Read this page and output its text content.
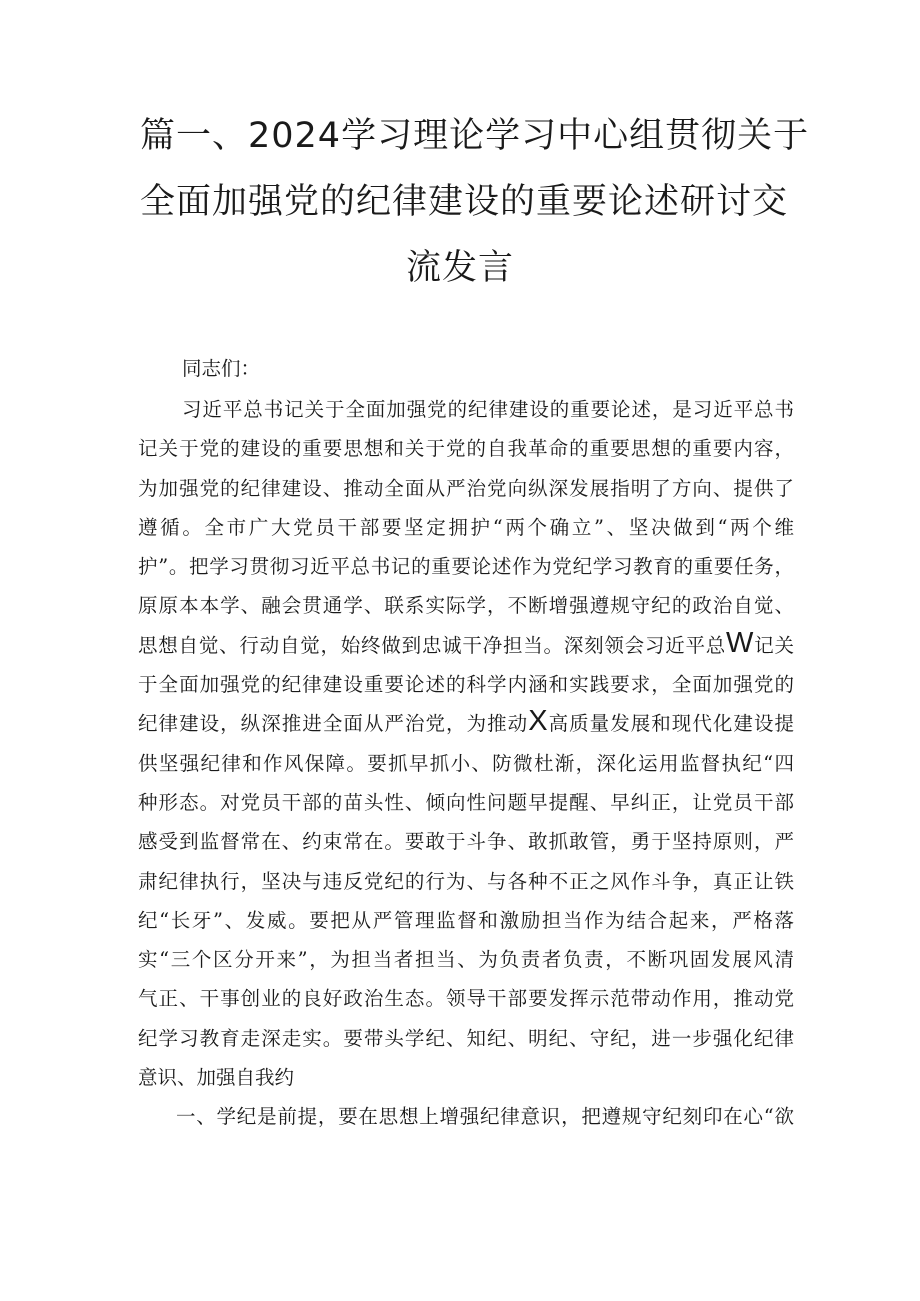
篇一、2024学习理论学习中心组贯彻关于
全面加强党的纪律建设的重要论述研讨交
流发言

同志们：

习近平总书记关于全面加强党的纪律建设的重要论述，是习近平总书
记关于党的建设的重要思想和关于党的自我革命的重要思想的重要内容，
为加强党的纪律建设、推动全面从严治党向纵深发展指明了方向、提供了
遵循。全市广大党员干部要坚定拥护“两个确立”、坚决做到“两个维
护”。把学习贯彻习近平总书记的重要论述作为党纪学习教育的重要任务，
原原本本学、融会贯通学、联系实际学，不断增强遵规守纪的政治自觉、
思想自觉、行动自觉，始终做到忠诚干净担当。深刻领会习近平总W记关
于全面加强党的纪律建设重要论述的科学内涵和实践要求，全面加强党的
纪律建设，纵深推进全面从严治党，为推动X高质量发展和现代化建设提
供坚强纪律和作风保障。要抓早抓小、防微杜渐，深化运用监督执纪“四
种形态。对党员干部的苗头性、倾向性问题早提醒、早纠正，让党员干部
感受到监督常在、约束常在。要敢于斗争、敢抓敢管，勇于坚持原则，严
肃纪律执行，坚决与违反党纪的行为、与各种不正之风作斗争，真正让铁
纪“长牙”、发威。要把从严管理监督和激励担当作为结合起来，严格落
实“三个区分开来”，为担当者担当、为负责者负责，不断巩固发展风清
气正、干事创业的良好政治生态。领导干部要发挥示范带动作用，推动党
纪学习教育走深走实。要带头学纪、知纪、明纪、守纪，进一步强化纪律
意识、加强自我约
一、学纪是前提，要在思想上增强纪律意识，把遵规守纪刻印在心“欲
